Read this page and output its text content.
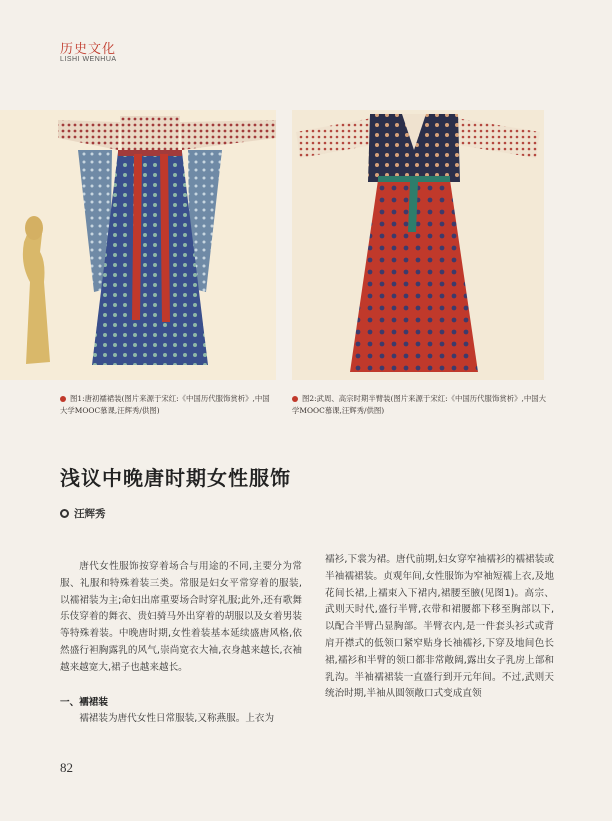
历史文化
LISHI WENHUA
图1:唐初襦裙装(图片来源于宋红:《中国历代服饰赏析》,中国大学MOOC慕课,汪辉秀/供图)
图2:武周、高宗时期半臂装(图片来源于宋红:《中国历代服饰赏析》,中国大学MOOC慕课,汪辉秀/供图)
浅议中晚唐时期女性服饰
汪辉秀

唐代女性服饰按穿着场合与用途的不同,主要分为常服、礼服和特殊着装三类。常服是妇女平常穿着的服装,以襦裙装为主;命妇出席重要场合时穿礼服;此外,还有歌舞乐伎穿着的舞衣、贵妇骑马外出穿着的胡服以及女着男装等特殊着装。中晚唐时期,女性着装基本延续盛唐风格,依然盛行袒胸露乳的风气,崇尚宽衣大袖,衣身越来越长,衣袖越来越宽大,裙子也越来越长。

一、襦裙装

襦裙装为唐代女性日常服装,又称燕服。上衣为

襦衫,下裳为裙。唐代前期,妇女穿窄袖襦衫的襦裙装或半袖襦裙装。贞观年间,女性服饰为窄袖短襦上衣,及地花间长裙,上襦束入下裙内,裙腰至腋(见图1)。高宗、武则天时代,盛行半臂,衣带和裙腰都下移至胸部以下,以配合半臂凸显胸部。半臂衣内,是一件套头衫式或背肩开襟式的低领口紧窄贴身长袖襦衫,下穿及地间色长裙,襦衫和半臂的领口都非常敞阔,露出女子乳房上部和乳沟。半袖襦裙装一直盛行到开元年间。不过,武则天统治时期,半袖从圆领敞口式变成直领

82
